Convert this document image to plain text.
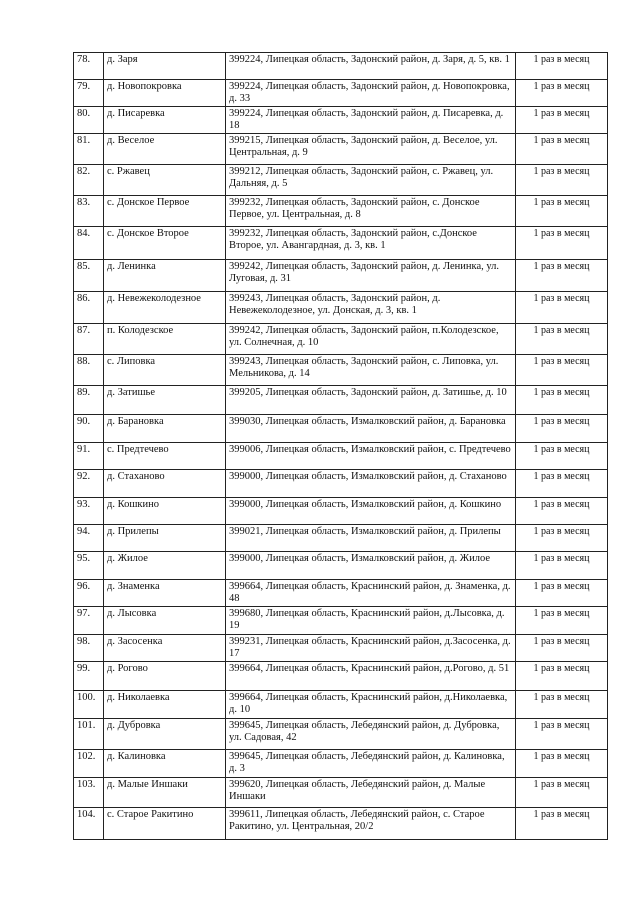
78.	д. Заря	399224, Липецкая область, Задонский район, д. Заря, д. 5, кв. 1	1 раз в месяц
79.	д. Новопокровка	399224, Липецкая область, Задонский район, д. Новопокровка, д. 33	1 раз в месяц
80.	д. Писаревка	399224, Липецкая область, Задонский район, д. Писаревка, д. 18	1 раз в месяц
81.	д. Веселое	399215, Липецкая область, Задонский район, д. Веселое, ул. Центральная, д. 9	1 раз в месяц
82.	с. Ржавец	399212, Липецкая область, Задонский район, с. Ржавец, ул. Дальняя, д. 5	1 раз в месяц
83.	с. Донское Первое	399232, Липецкая область, Задонский район, с. Донское Первое, ул. Центральная, д. 8	1 раз в месяц
84.	с. Донское Второе	399232, Липецкая область, Задонский район, с.Донское Второе, ул. Авангардная, д. 3, кв. 1	1 раз в месяц
85.	д. Ленинка	399242, Липецкая область, Задонский район, д. Ленинка, ул. Луговая, д. 31	1 раз в месяц
86.	д. Невежеколодезное	399243, Липецкая область, Задонский район, д. Невежеколодезное, ул. Донская, д. 3, кв. 1	1 раз в месяц
87.	п. Колодезское	399242, Липецкая область, Задонский район, п.Колодезское, ул. Солнечная, д. 10	1 раз в месяц
88.	с. Липовка	399243, Липецкая область, Задонский район, с. Липовка, ул. Мельникова, д. 14	1 раз в месяц
89.	д. Затишье	399205, Липецкая область, Задонский район, д. Затишье, д. 10	1 раз в месяц
90.	д. Барановка	399030, Липецкая область, Измалковский район, д. Барановка	1 раз в месяц
91.	с. Предтечево	399006, Липецкая область, Измалковский район, с. Предтечево	1 раз в месяц
92.	д. Стаханово	399000, Липецкая область, Измалковский район, д. Стаханово	1 раз в месяц
93.	д. Кошкино	399000, Липецкая область, Измалковский район, д. Кошкино	1 раз в месяц
94.	д. Прилепы	399021, Липецкая область, Измалковский район, д. Прилепы	1 раз в месяц
95.	д. Жилое	399000, Липецкая область, Измалковский район, д. Жилое	1 раз в месяц
96.	д. Знаменка	399664, Липецкая область, Краснинский район, д. Знаменка, д. 48	1 раз в месяц
97.	д. Лысовка	399680, Липецкая область, Краснинский район, д.Лысовка, д. 19	1 раз в месяц
98.	д. Засосенка	399231, Липецкая область, Краснинский район, д.Засосенка, д. 17	1 раз в месяц
99.	д. Рогово	399664, Липецкая область, Краснинский район, д.Рогово, д. 51	1 раз в месяц
100.	д. Николаевка	399664, Липецкая область, Краснинский район, д.Николаевка, д. 10	1 раз в месяц
101.	д. Дубровка	399645, Липецкая область, Лебедянский район, д. Дубровка, ул. Садовая, 42	1 раз в месяц
102.	д. Калиновка	399645, Липецкая область, Лебедянский район, д. Калиновка, д. 3	1 раз в месяц
103.	д. Малые Иншаки	399620, Липецкая область, Лебедянский район, д. Малые Иншаки	1 раз в месяц
104.	с. Старое Ракитино	399611, Липецкая область, Лебедянский район, с. Старое Ракитино, ул. Центральная, 20/2	1 раз в месяц
